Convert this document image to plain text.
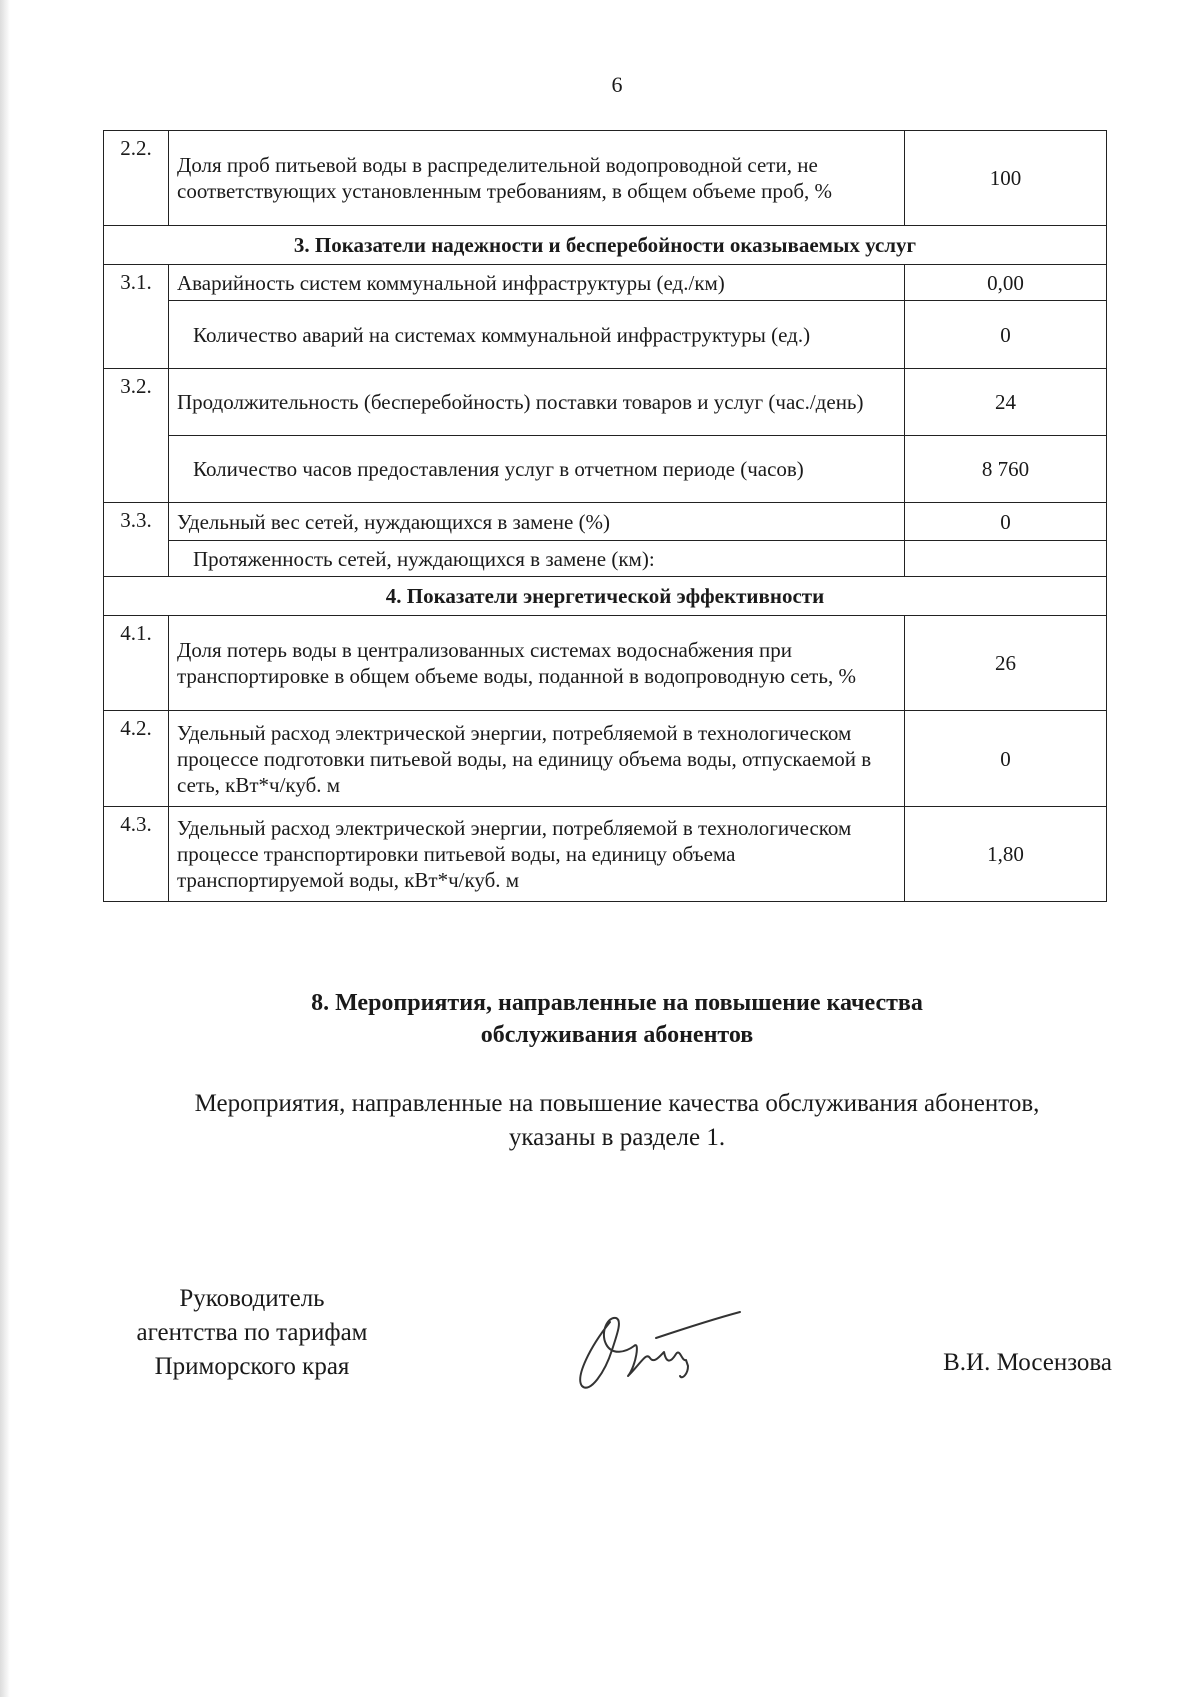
6
2.2.	Доля проб питьевой воды в распределительной водопроводной сети, не соответствующих установленным требованиям, в общем объеме проб, %	100
3. Показатели надежности и бесперебойности оказываемых услуг		
3.1.	Аварийность систем коммунальной инфраструктуры (ед./км)	0,00
	Количество аварий на системах коммунальной инфраструктуры (ед.)	0
3.2.	Продолжительность (бесперебойность) поставки товаров и услуг (час./день)	24
	Количество часов предоставления услуг в отчетном периоде (часов)	8 760
3.3.	Удельный вес сетей, нуждающихся в замене (%)	0
	Протяженность сетей, нуждающихся в замене (км):	
4. Показатели энергетической эффективности		
4.1.	Доля потерь воды в централизованных системах водоснабжения при транспортировке в общем объеме воды, поданной в водопроводную сеть, %	26
4.2.	Удельный расход электрической энергии, потребляемой в технологическом процессе подготовки питьевой воды, на единицу объема воды, отпускаемой в сеть, кВт*ч/куб. м	0
4.3.	Удельный расход электрической энергии, потребляемой в технологическом процессе транспортировки питьевой воды, на единицу объема транспортируемой воды, кВт*ч/куб. м	1,80
8. Мероприятия, направленные на повышение качества
обслуживания абонентов
Мероприятия, направленные на повышение качества обслуживания абонентов,
указаны в разделе 1.
Руководитель
агентства по тарифам
Приморского края	В.И. Мосензова
